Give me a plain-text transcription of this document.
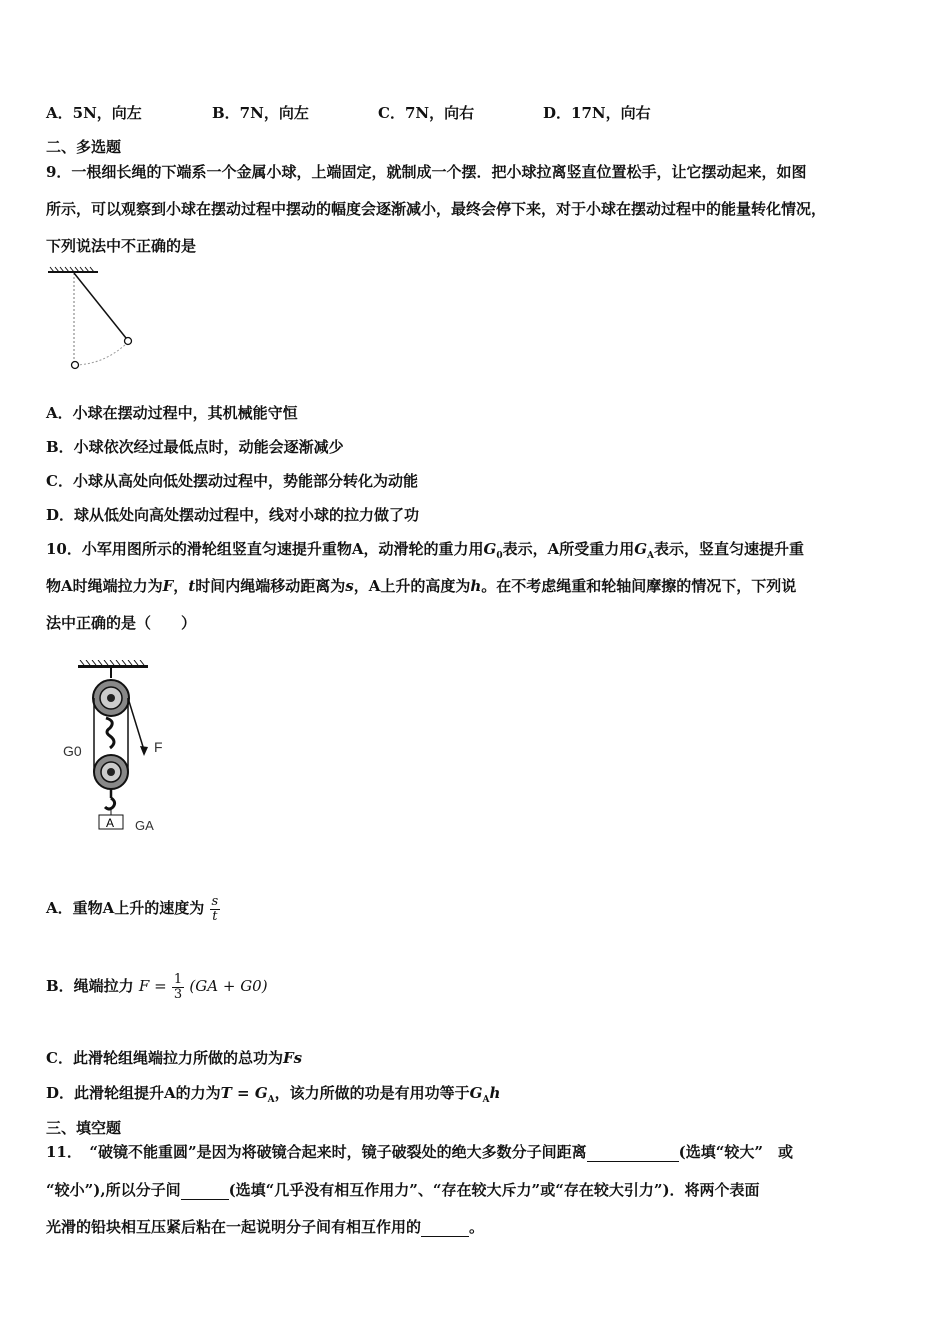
A．5N，向左	B．7N，向左	C．7N，向右	D．17N，向右
二、多选题
9．一根细长绳的下端系一个金属小球，上端固定，就制成一个摆．把小球拉离竖直位置松手，让它摆动起来，如图
所示，可以观察到小球在摆动过程中摆动的幅度会逐渐减小，最终会停下来，对于小球在摆动过程中的能量转化情况，
下列说法中不正确的是
A．小球在摆动过程中，其机械能守恒
B．小球依次经过最低点时，动能会逐渐减少
C．小球从高处向低处摆动过程中，势能部分转化为动能
D．球从低处向高处摆动过程中，线对小球的拉力做了功
10．小军用图所示的滑轮组竖直匀速提升重物A，动滑轮的重力用$G_0$表示，A所受重力用$G_A$表示，竖直匀速提升重
物A时绳端拉力为F，t时间内绳端移动距离为s，A上升的高度为h。在不考虑绳重和轮轴间摩擦的情况下，下列说
法中正确的是（　　）
A
G0	F
GA
A．重物A上升的速度为 $\frac{s}{t}$
B．绳端拉力 $F = \frac{1}{3} (GA + G0)$
C．此滑轮组绳端拉力所做的总功为Fs
D．此滑轮组提升A的力为$T = G_A$，该力所做的功是有用功等于$G_Ah$
三、填空题
11．　“破镜不能重圆”是因为将破镜合起来时，镜子破裂处的绝大多数分子间距离	(选填“较大”　或
“较小”),所以分子间	(选填“几乎没有相互作用力”、“存在较大斥力”或“存在较大引力”)．将两个表面
光滑的铅块相互压紧后粘在一起说明分子间有相互作用的	。
